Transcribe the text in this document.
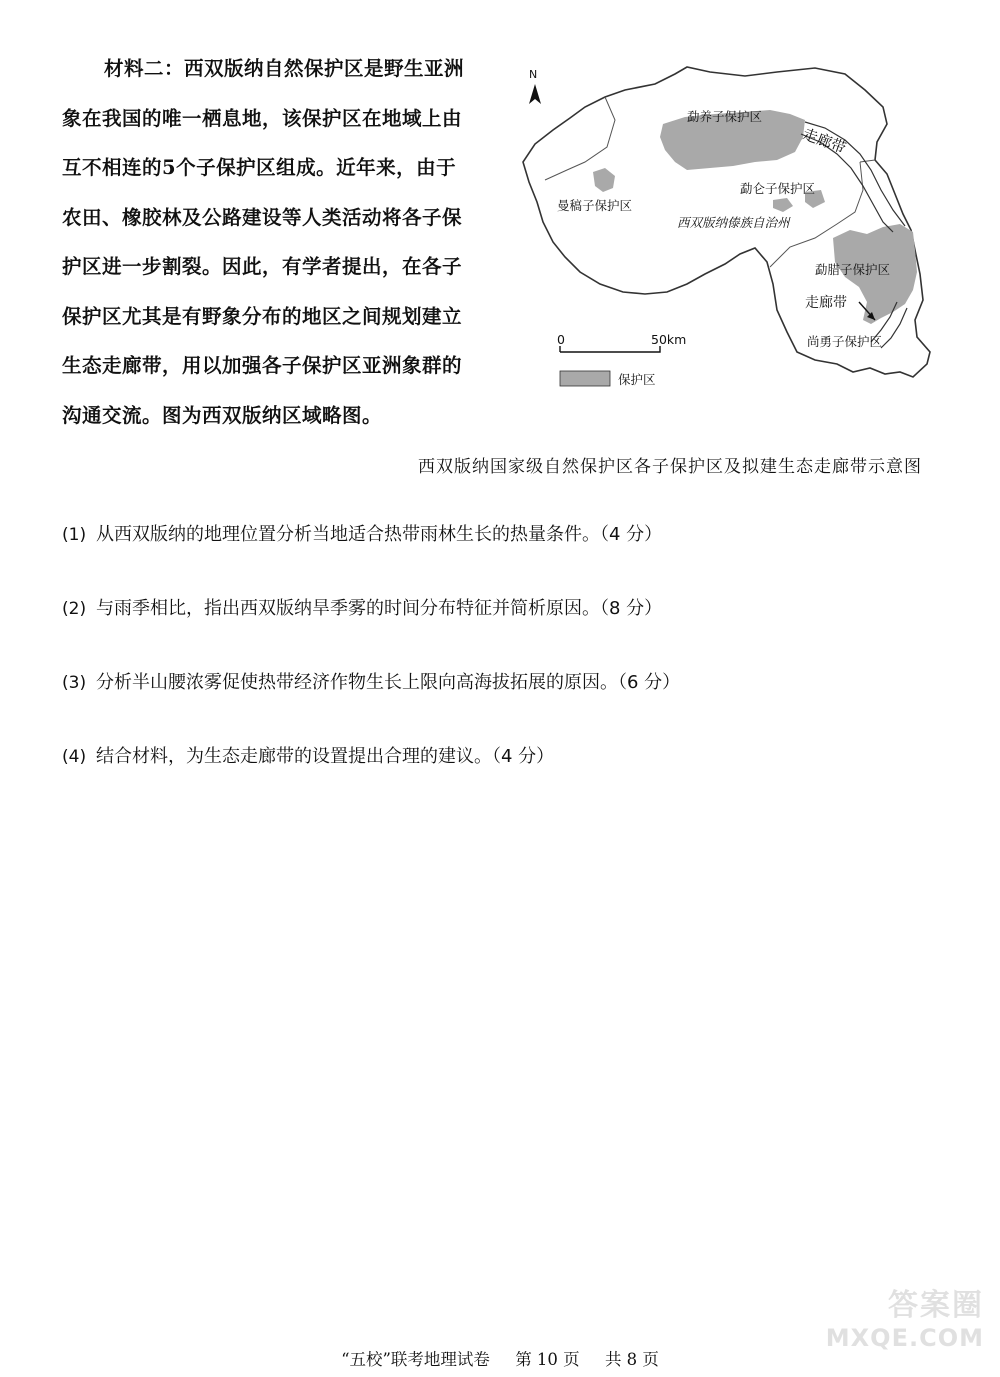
材料二：西双版纳自然保护区是野生亚洲
象在我国的唯一栖息地，该保护区在地域上由
互不相连的5个子保护区组成。近年来，由于
农田、橡胶林及公路建设等人类活动将各子保
护区进一步割裂。因此，有学者提出，在各子
保护区尤其是有野象分布的地区之间规划建立
生态走廊带，用以加强各子保护区亚洲象群的
沟通交流。图为西双版纳区域略图。
N
勐养子保护区
走廊带
勐仑子保护区
曼稿子保护区
西双版纳傣族自治州
勐腊子保护区
走廊带
尚勇子保护区
0	50km
保护区
西双版纳国家级自然保护区各子保护区及拟建生态走廊带示意图
(1) 从西双版纳的地理位置分析当地适合热带雨林生长的热量条件。（4 分）
(2) 与雨季相比，指出西双版纳旱季雾的时间分布特征并简析原因。（8 分）
(3) 分析半山腰浓雾促使热带经济作物生长上限向高海拔拓展的原因。（6 分）
(4) 结合材料，为生态走廊带的设置提出合理的建议。（4 分）
“五校”联考地理试卷 第 10 页 共 8 页
答案圈
MXQE.COM
